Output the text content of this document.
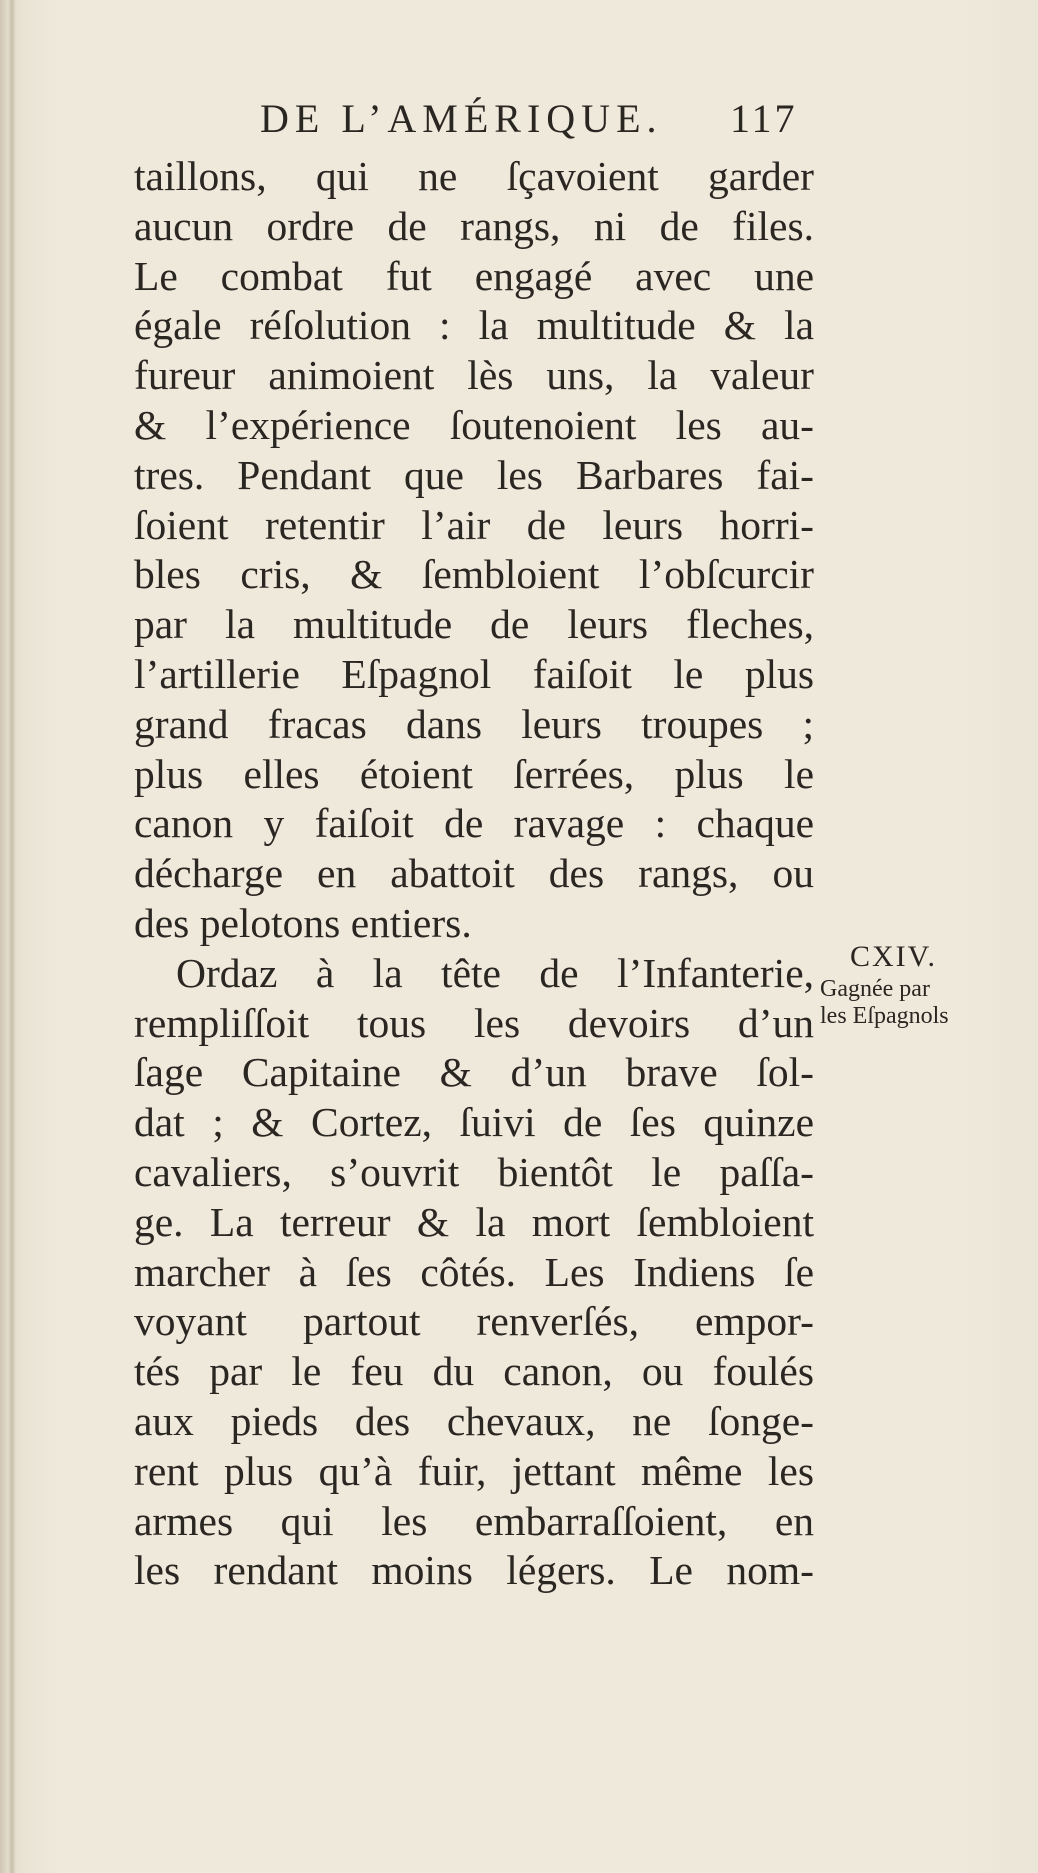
DE L’AMÉRIQUE. 117
taillons, qui ne ſçavoient garder
aucun ordre de rangs, ni de files.
Le combat fut engagé avec une
égale réſolution : la multitude & la
fureur animoient lès uns, la valeur
& l’expérience ſoutenoient les au-
tres. Pendant que les Barbares fai-
ſoient retentir l’air de leurs horri-
bles cris, & ſembloient l’obſcurcir
par la multitude de leurs fleches,
l’artillerie Eſpagnol faiſoit le plus
grand fracas dans leurs troupes ;
plus elles étoient ſerrées, plus le
canon y faiſoit de ravage : chaque
décharge en abattoit des rangs, ou
des pelotons entiers.
Ordaz à la tête de l’Infanterie,
rempliſſoit tous les devoirs d’un
ſage Capitaine & d’un brave ſol-
dat ; & Cortez, ſuivi de ſes quinze
cavaliers, s’ouvrit bientôt le paſſa-
ge. La terreur & la mort ſembloient
marcher à ſes côtés. Les Indiens ſe
voyant partout renverſés, empor-
tés par le feu du canon, ou foulés
aux pieds des chevaux, ne ſonge-
rent plus qu’à fuir, jettant même les
armes qui les embarraſſoient, en
les rendant moins légers. Le nom-
CXIV.
Gagnée par
les Eſpagnols
